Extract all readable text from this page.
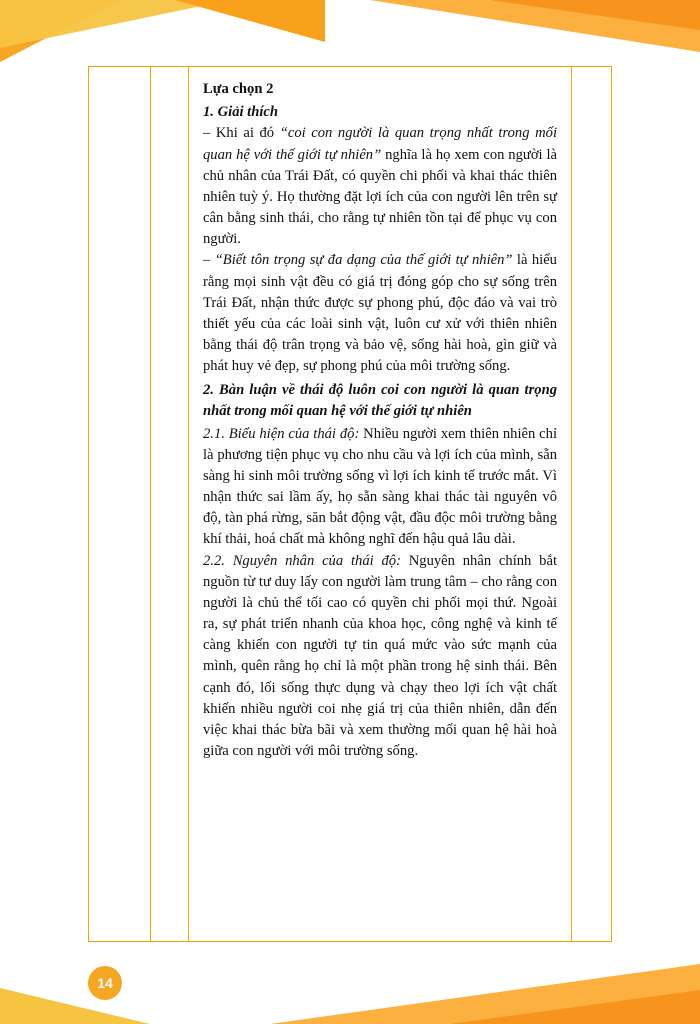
Lựa chọn 2
1. Giải thích

– Khi ai đó “coi con người là quan trọng nhất trong mối quan hệ với thế giới tự nhiên” nghĩa là họ xem con người là chủ nhân của Trái Đất, có quyền chi phối và khai thác thiên nhiên tuỳ ý. Họ thường đặt lợi ích của con người lên trên sự cân bằng sinh thái, cho rằng tự nhiên tồn tại để phục vụ con người.

– “Biết tôn trọng sự đa dạng của thế giới tự nhiên” là hiểu rằng mọi sinh vật đều có giá trị đóng góp cho sự sống trên Trái Đất, nhận thức được sự phong phú, độc đáo và vai trò thiết yếu của các loài sinh vật, luôn cư xử với thiên nhiên bằng thái độ trân trọng và bảo vệ, sống hài hoà, gìn giữ và phát huy vẻ đẹp, sự phong phú của môi trường sống.

2. Bàn luận về thái độ luôn coi con người là quan trọng nhất trong mối quan hệ với thế giới tự nhiên

2.1. Biểu hiện của thái độ: Nhiều người xem thiên nhiên chỉ là phương tiện phục vụ cho nhu cầu và lợi ích của mình, sẵn sàng hi sinh môi trường sống vì lợi ích kinh tế trước mắt. Vì nhận thức sai lầm ấy, họ sẵn sàng khai thác tài nguyên vô độ, tàn phá rừng, săn bắt động vật, đầu độc môi trường bằng khí thải, hoá chất mà không nghĩ đến hậu quả lâu dài.

2.2. Nguyên nhân của thái độ: Nguyên nhân chính bắt nguồn từ tư duy lấy con người làm trung tâm – cho rằng con người là chủ thể tối cao có quyền chi phối mọi thứ. Ngoài ra, sự phát triển nhanh của khoa học, công nghệ và kinh tế càng khiến con người tự tin quá mức vào sức mạnh của mình, quên rằng họ chỉ là một phần trong hệ sinh thái. Bên cạnh đó, lối sống thực dụng và chạy theo lợi ích vật chất khiến nhiều người coi nhẹ giá trị của thiên nhiên, dẫn đến việc khai thác bừa bãi và xem thường mối quan hệ hài hoà giữa con người với môi trường sống.

14
